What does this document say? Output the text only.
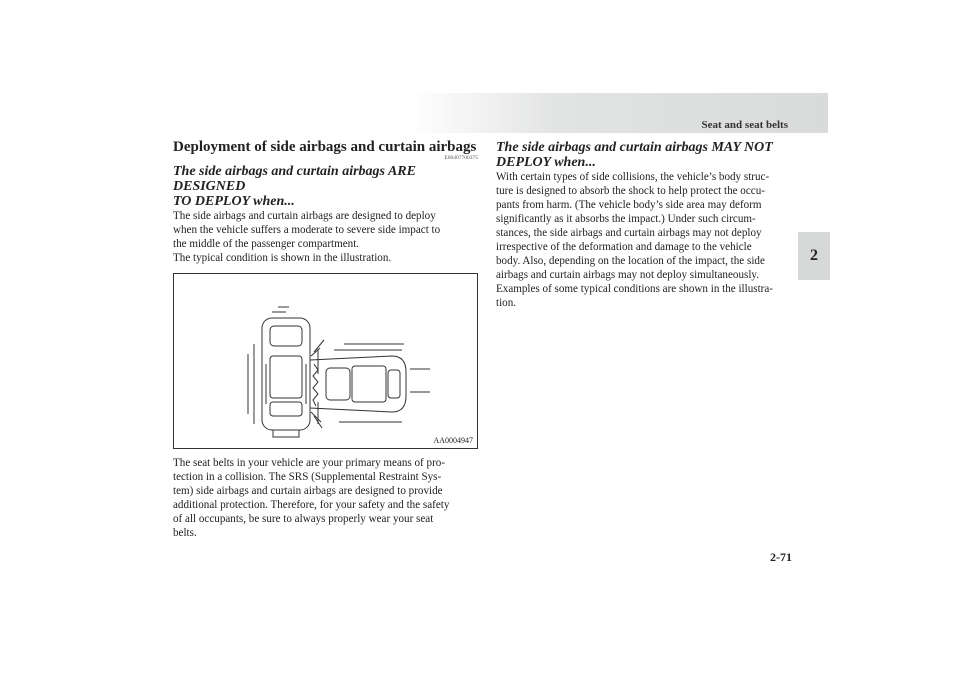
Seat and seat belts
2
Deployment of side airbags and curtain airbags
E00407700375
The side airbags and curtain airbags ARE DESIGNED
TO DEPLOY when...

The side airbags and curtain airbags are designed to deploy
when the vehicle suffers a moderate to severe side impact to
the middle of the passenger compartment.

The typical condition is shown in the illustration.

AA0004947

The seat belts in your vehicle are your primary means of pro-
tection in a collision. The SRS (Supplemental Restraint Sys-
tem) side airbags and curtain airbags are designed to provide
additional protection. Therefore, for your safety and the safety
of all occupants, be sure to always properly wear your seat
belts.

The side airbags and curtain airbags MAY NOT
DEPLOY when...

With certain types of side collisions, the vehicle’s body struc-
ture is designed to absorb the shock to help protect the occu-
pants from harm. (The vehicle body’s side area may deform
significantly as it absorbs the impact.) Under such circum-
stances, the side airbags and curtain airbags may not deploy
irrespective of the deformation and damage to the vehicle
body. Also, depending on the location of the impact, the side
airbags and curtain airbags may not deploy simultaneously.

Examples of some typical conditions are shown in the illustra-
tion.

2-71
